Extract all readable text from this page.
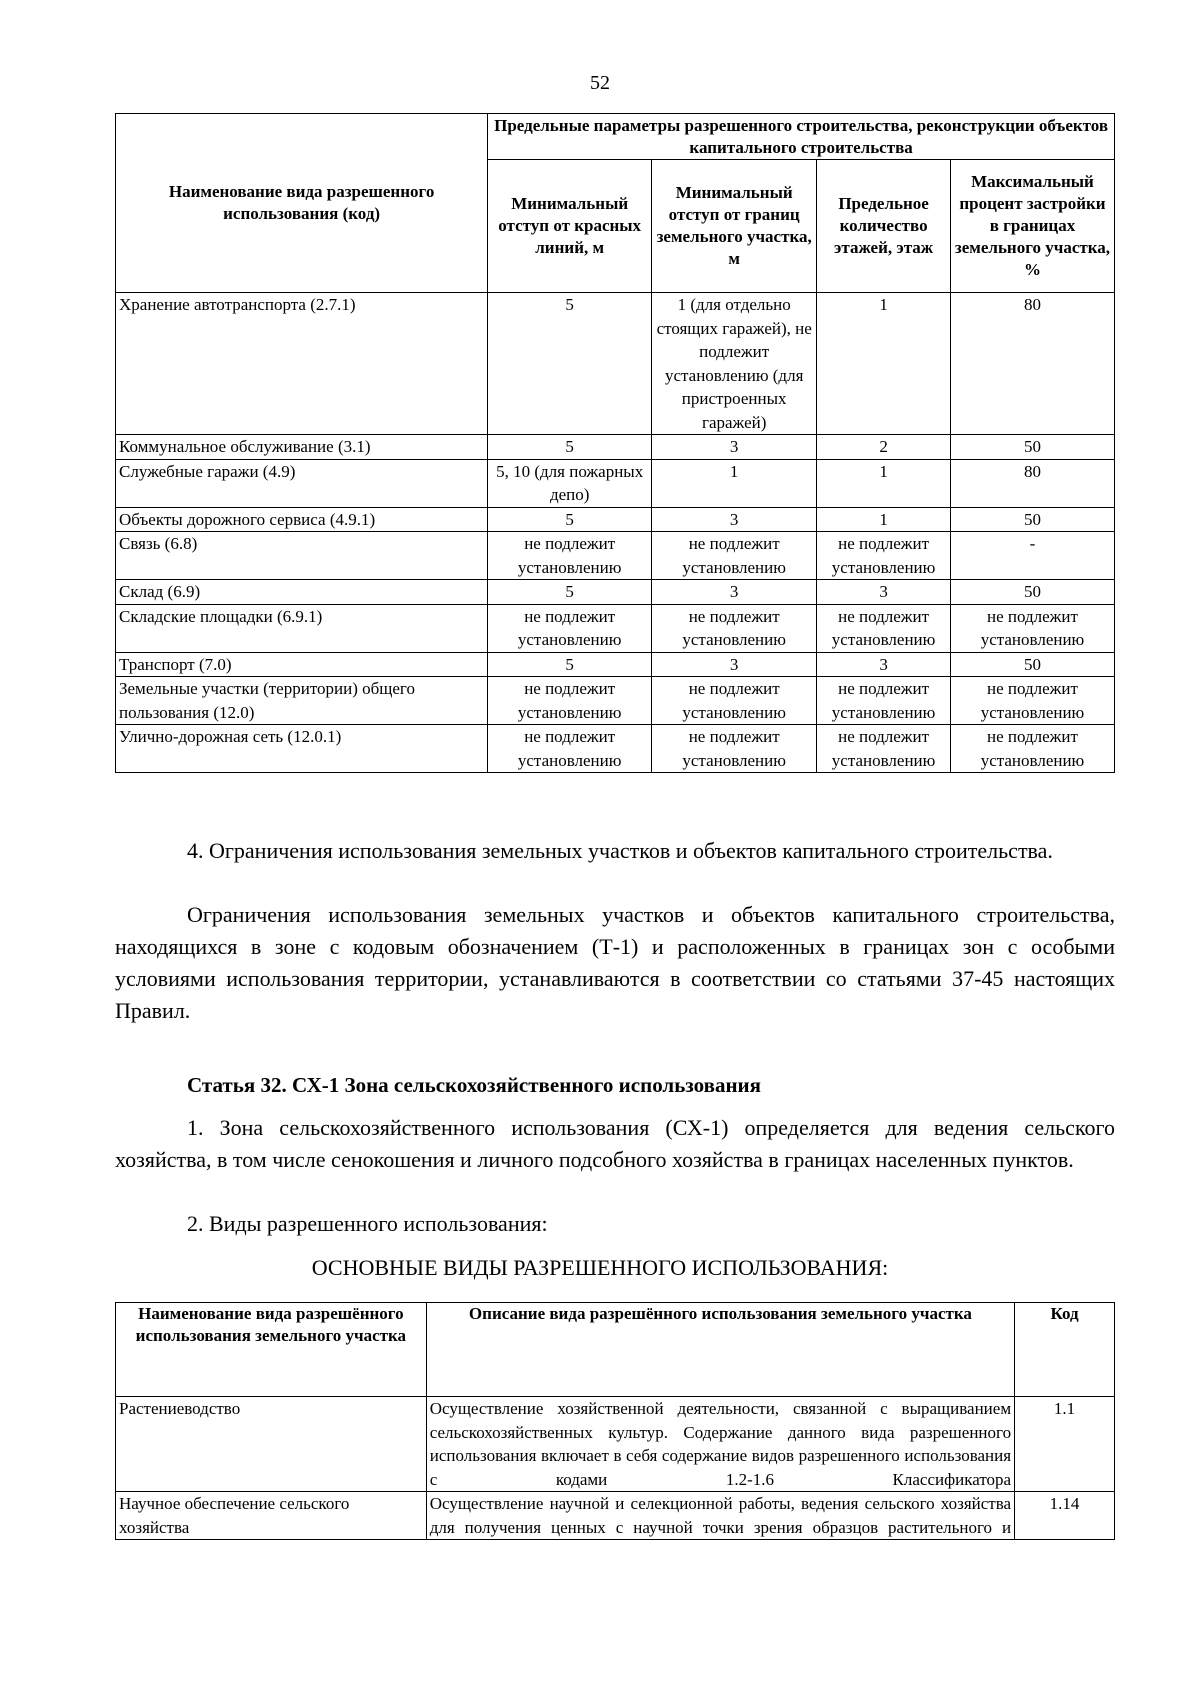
52
Наименование вида разрешенного использования (код)	Предельные параметры разрешенного строительства, реконструкции объектов капитального строительства			
	Минимальный отступ от красных линий, м	Минимальный отступ от границ земельного участка, м	Предельное количество этажей, этаж	Максимальный процент застройки в границах земельного участка, %
Хранение автотранспорта (2.7.1)	5	1 (для отдельно стоящих гаражей), не подлежит установлению (для пристроенных гаражей)	1	80
Коммунальное обслуживание (3.1)	5	3	2	50
Служебные гаражи (4.9)	5, 10 (для пожарных депо)	1	1	80
Объекты дорожного сервиса (4.9.1)	5	3	1	50
Связь (6.8)	не подлежит установлению	не подлежит установлению	не подлежит установлению	-
Склад (6.9)	5	3	3	50
Складские площадки (6.9.1)	не подлежит установлению	не подлежит установлению	не подлежит установлению	не подлежит установлению
Транспорт (7.0)	5	3	3	50
Земельные участки (территории) общего пользования (12.0)	не подлежит установлению	не подлежит установлению	не подлежит установлению	не подлежит установлению
Улично-дорожная сеть (12.0.1)	не подлежит установлению	не подлежит установлению	не подлежит установлению	не подлежит установлению

4. Ограничения использования земельных участков и объектов капитального строительства.

Ограничения использования земельных участков и объектов капитального строительства, находящихся в зоне с кодовым обозначением (Т-1) и расположенных в границах зон с особыми условиями использования территории, устанавливаются в соответствии со статьями 37-45 настоящих Правил.

Статья 32. СХ-1 Зона сельскохозяйственного использования

1. Зона сельскохозяйственного использования (СХ-1) определяется для ведения сельского хозяйства, в том числе сенокошения и личного подсобного хозяйства в границах населенных пунктов.

2. Виды разрешенного использования:

ОСНОВНЫЕ ВИДЫ РАЗРЕШЕННОГО ИСПОЛЬЗОВАНИЯ:

Наименование вида разрешённого использования земельного участка	Описание вида разрешённого использования земельного участка	Код
Растениеводство	Осуществление хозяйственной деятельности, связанной с выращиванием сельскохозяйственных культур. Содержание данного вида разрешенного использования включает в себя содержание видов разрешенного использования с кодами 1.2-1.6 Классификатора	1.1
Научное обеспечение сельского хозяйства	Осуществление научной и селекционной работы, ведения сельского хозяйства для получения ценных с научной точки зрения образцов растительного и	1.14
